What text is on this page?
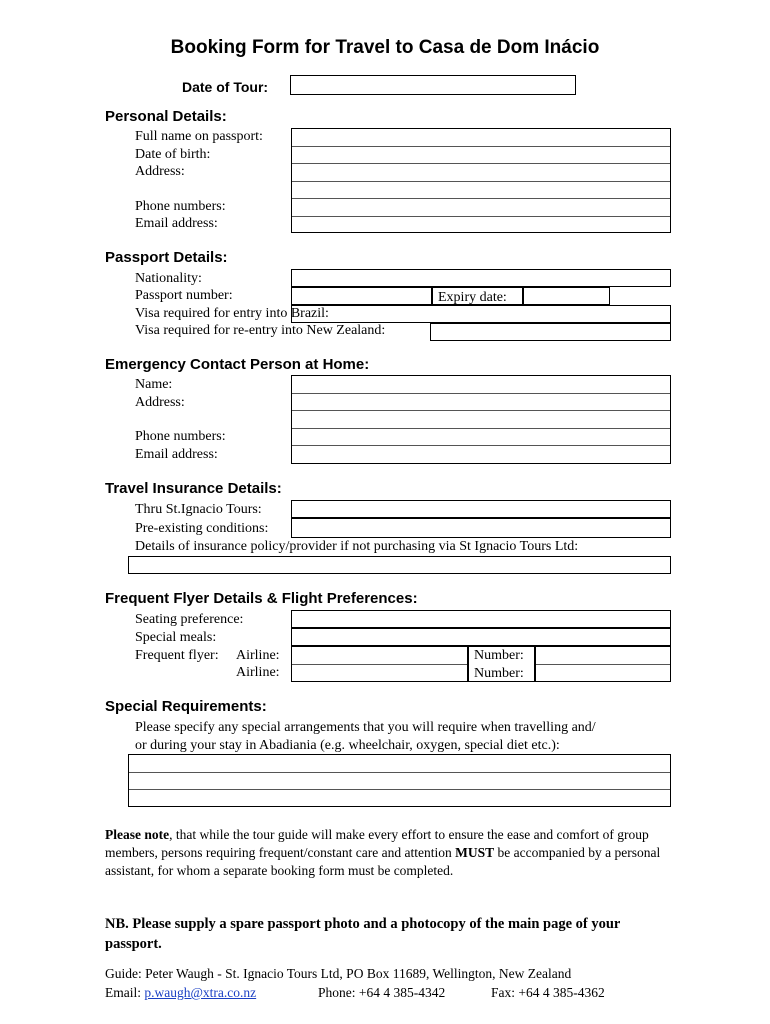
Booking Form for Travel to Casa de Dom Inácio
Date of Tour:
Personal Details:
Full name on passport:
Date of birth:
Address:
Phone numbers:
Email address:
Passport Details:
Nationality:
Passport number:
Visa required for entry into Brazil:
Visa required for re-entry into New Zealand:
Expiry date:
Emergency Contact Person at Home:
Name:
Address:
Phone numbers:
Email address:
Travel Insurance Details:
Thru St.Ignacio Tours:
Pre-existing conditions:
Details of insurance policy/provider if not purchasing via St Ignacio Tours Ltd:
Frequent Flyer Details & Flight Preferences:
Seating preference:
Special meals:
Frequent flyer: Airline:
Airline:
Number:
Number:
Special Requirements:
Please specify any special arrangements that you will require when travelling and/
or during your stay in Abadiania (e.g. wheelchair, oxygen, special diet etc.):
Please note, that while the tour guide will make every effort to ensure the ease and comfort of group members, persons requiring frequent/constant care and attention MUST be accompanied by a personal assistant, for whom a separate booking form must be completed.
NB. Please supply a spare passport photo and a photocopy of the main page of your passport.
Guide: Peter Waugh - St. Ignacio Tours Ltd, PO Box 11689, Wellington, New Zealand
Email: p.waugh@xtra.co.nz	Phone: +64 4 385-4342	Fax: +64 4 385-4362
